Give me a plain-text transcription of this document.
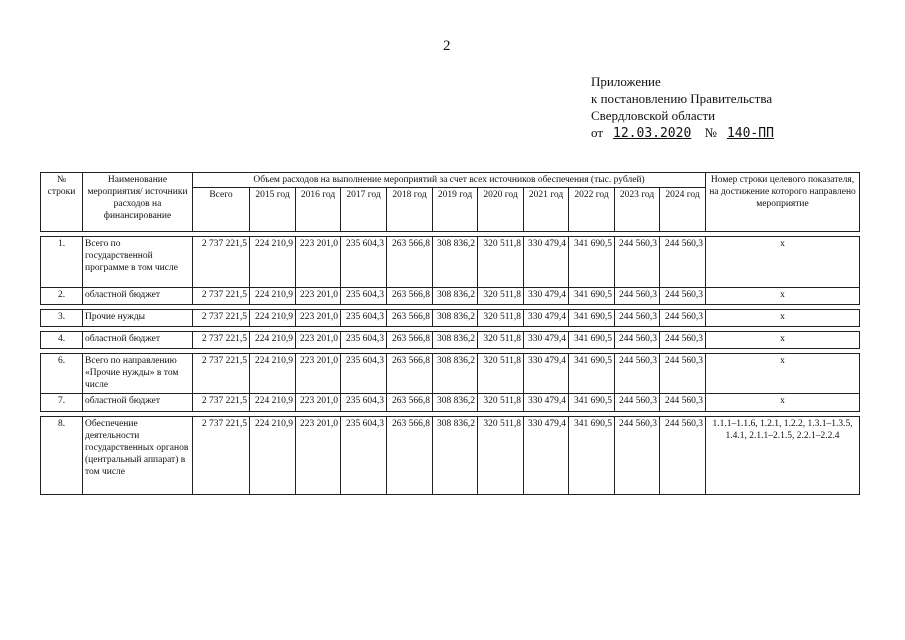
2
Приложение
к постановлению Правительства
Свердловской области
от 12.03.2020 № 140-ПП
№ строки	Наименование мероприятия/ источники расходов на финансирование	Объем расходов на выполнение мероприятий за счет всех источников обеспечения (тыс. рублей)											Номер строки целевого показателя, на достижение которого направлено мероприятие
		Всего	2015 год	2016 год	2017 год	2018 год	2019 год	2020 год	2021 год	2022 год	2023 год	2024 год	

1.	Всего по государственной программе в том числе	2 737 221,5	224 210,9	223 201,0	235 604,3	263 566,8	308 836,2	320 511,8	330 479,4	341 690,5	244 560,3	244 560,3	x
2.	областной бюджет	2 737 221,5	224 210,9	223 201,0	235 604,3	263 566,8	308 836,2	320 511,8	330 479,4	341 690,5	244 560,3	244 560,3	x

3.	Прочие нужды	2 737 221,5	224 210,9	223 201,0	235 604,3	263 566,8	308 836,2	320 511,8	330 479,4	341 690,5	244 560,3	244 560,3	x

4.	областной бюджет	2 737 221,5	224 210,9	223 201,0	235 604,3	263 566,8	308 836,2	320 511,8	330 479,4	341 690,5	244 560,3	244 560,3	x

6.	Всего по направлению «Прочие нужды» в том числе	2 737 221,5	224 210,9	223 201,0	235 604,3	263 566,8	308 836,2	320 511,8	330 479,4	341 690,5	244 560,3	244 560,3	x
7.	областной бюджет	2 737 221,5	224 210,9	223 201,0	235 604,3	263 566,8	308 836,2	320 511,8	330 479,4	341 690,5	244 560,3	244 560,3	x

8.	Обеспечение деятельности государственных органов (центральный аппарат) в том числе	2 737 221,5	224 210,9	223 201,0	235 604,3	263 566,8	308 836,2	320 511,8	330 479,4	341 690,5	244 560,3	244 560,3	1.1.1–1.1.6, 1.2.1, 1.2.2, 1.3.1–1.3.5, 1.4.1, 2.1.1–2.1.5, 2.2.1–2.2.4
